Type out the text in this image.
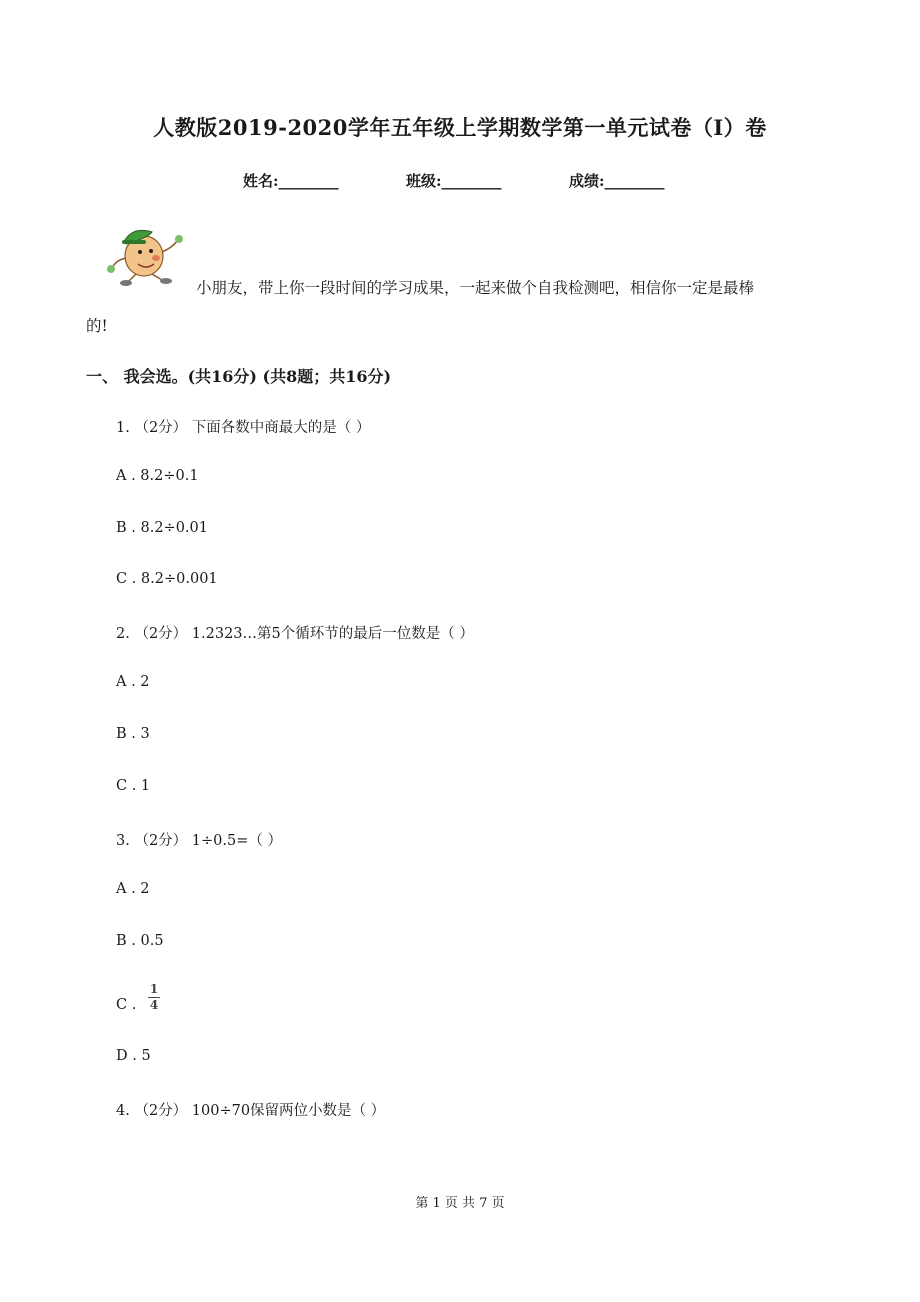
人教版2019-2020学年五年级上学期数学第一单元试卷（I）卷
姓名:________	班级:________	成绩:________
小朋友，带上你一段时间的学习成果，一起来做个自我检测吧，相信你一定是最棒
的!
一、 我会选。(共16分) (共8题；共16分)
1. （2分） 下面各数中商最大的是（ ）
A . 8.2÷0.1
B . 8.2÷0.01
C . 8.2÷0.001
2. （2分） 1.2323…第5个循环节的最后一位数是（ ）
A . 2
B . 3
C . 1
3. （2分） 1÷0.5=（ ）
A . 2
B . 0.5
C .
1
4
D . 5
4. （2分） 100÷70保留两位小数是（ ）
第 1 页 共 7 页
